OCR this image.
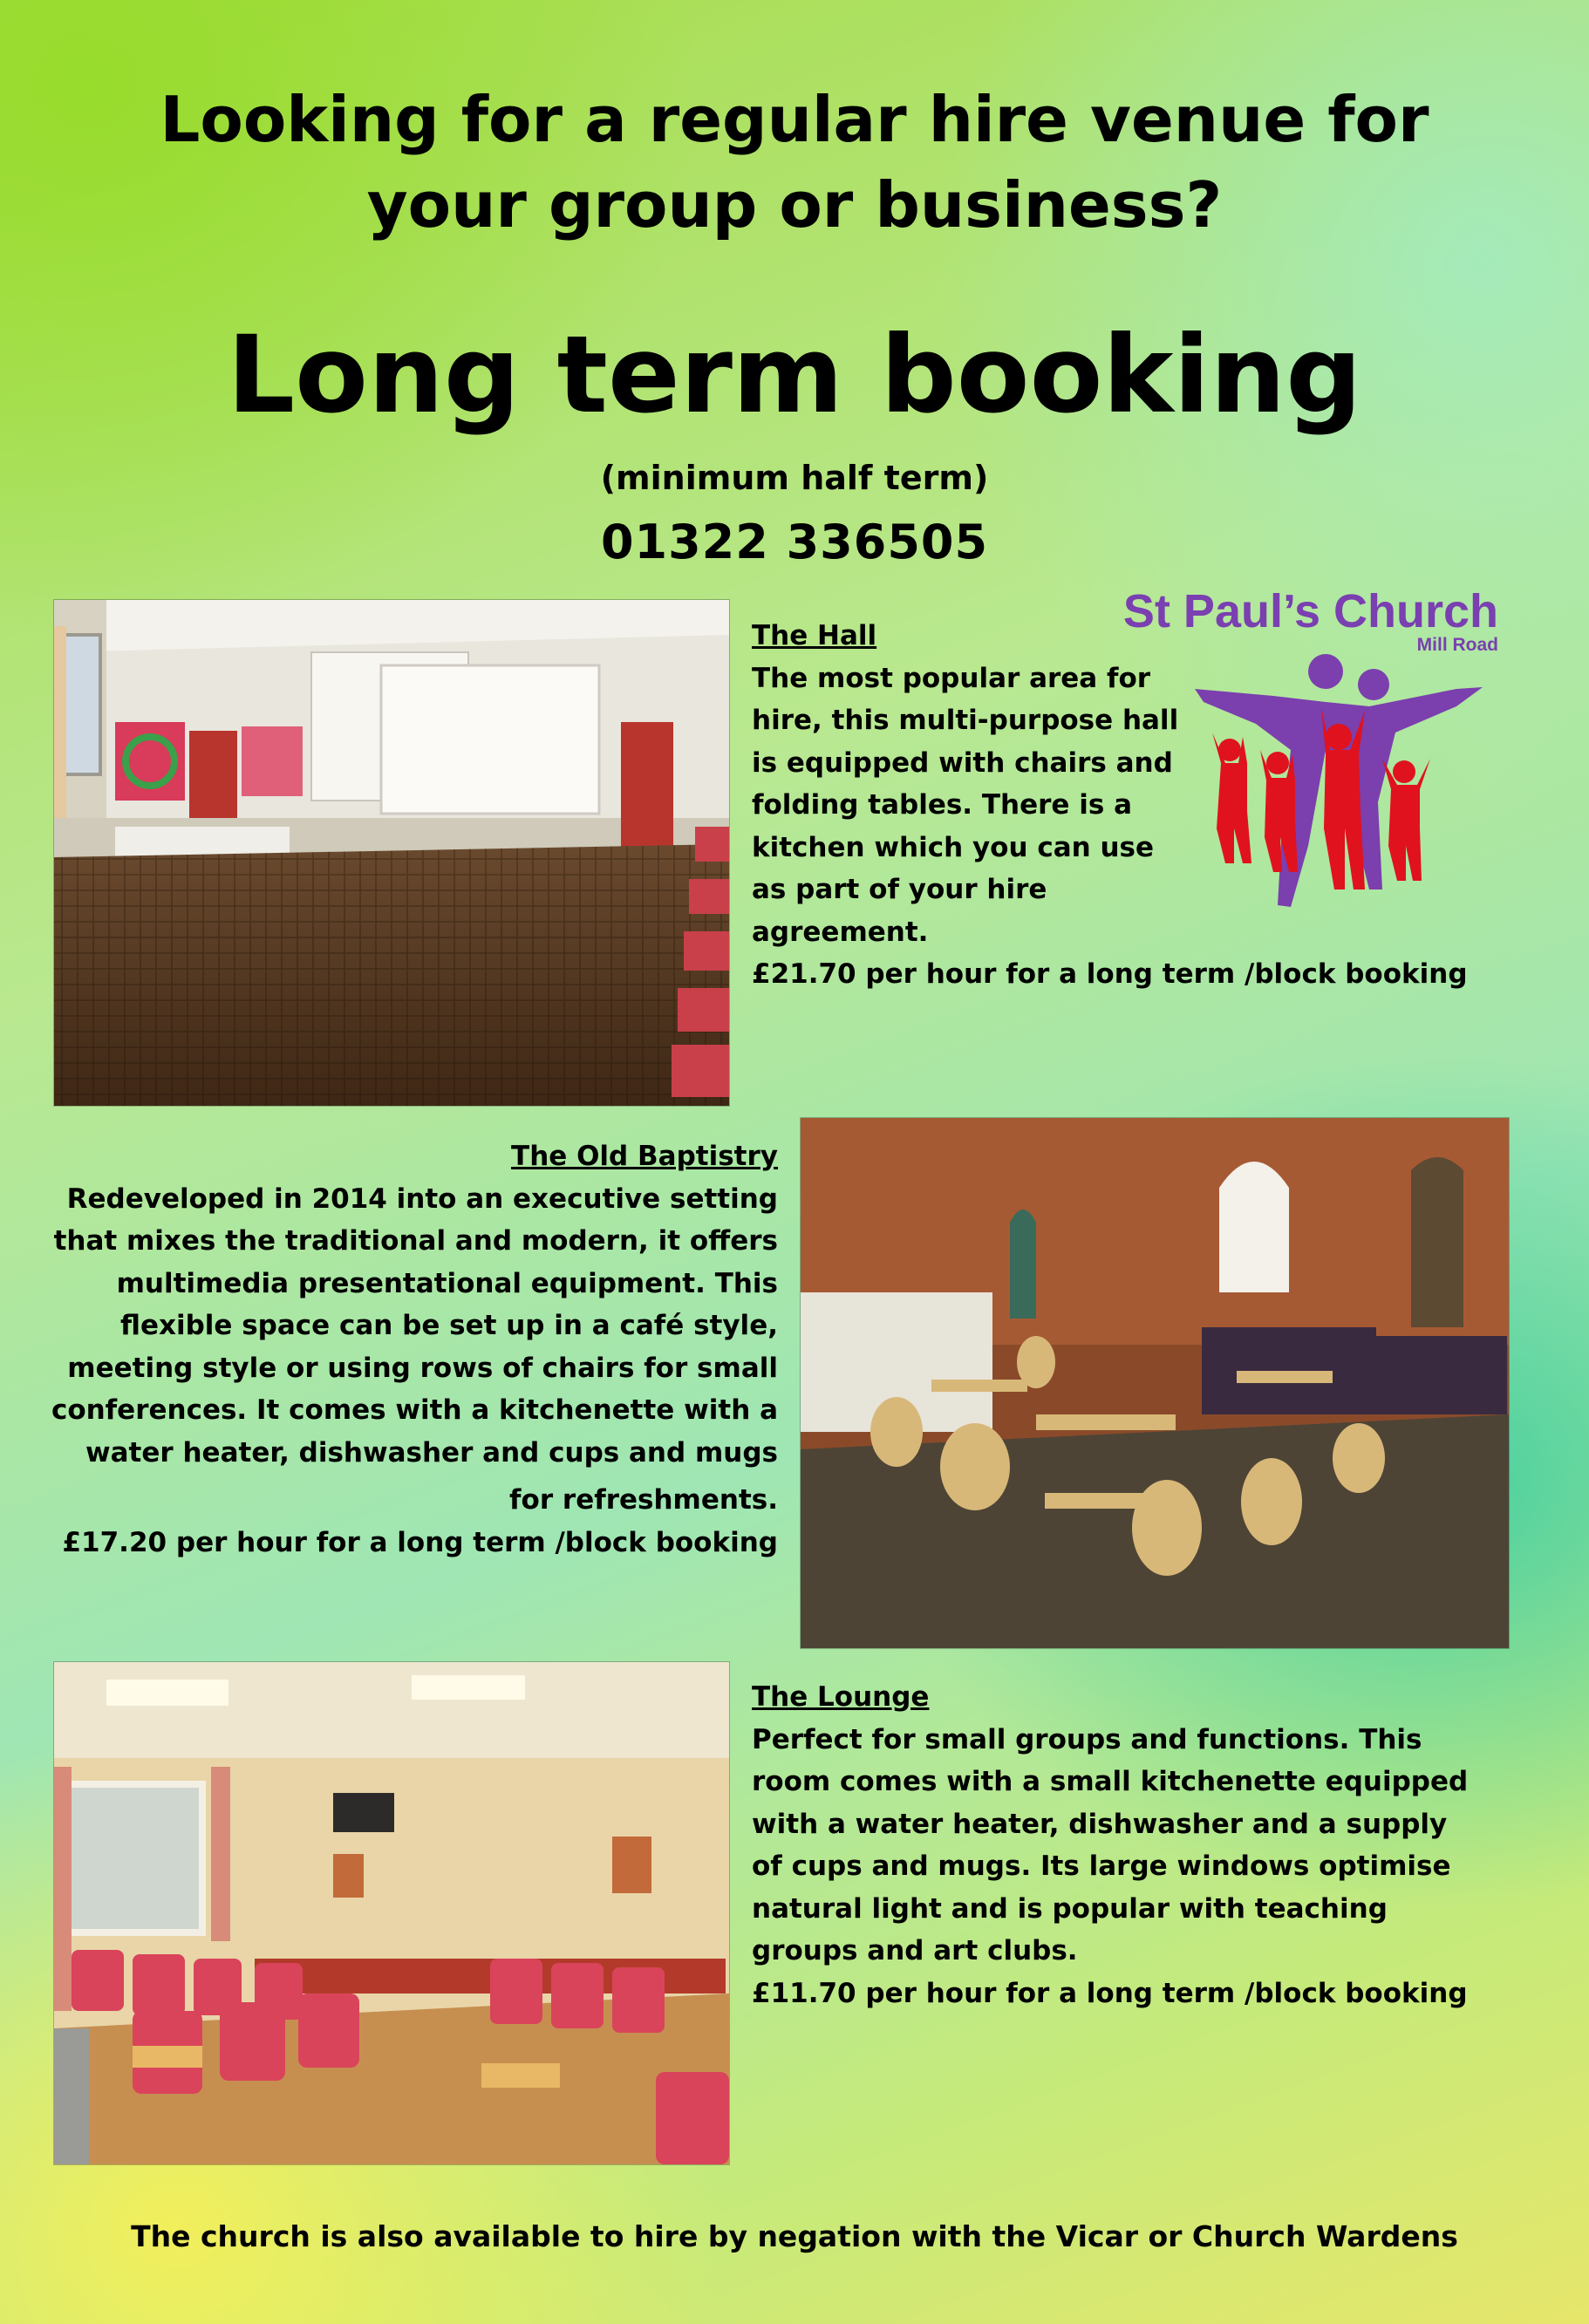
Looking for a regular hire venue for
your group or business?
Long term booking
(minimum half term)
01322 336505
The Hall
The most popular area for
hire, this multi-purpose hall
is equipped with chairs and
folding tables. There is a
kitchen which you can use
as part of your hire
agreement.
£21.70 per hour for a long term /block booking
St Paul’s Church
Mill Road
The Old Baptistry
Redeveloped in 2014 into an executive setting
that mixes the traditional and modern, it offers
multimedia presentational equipment. This
flexible space can be set up in a café style,
meeting style or using rows of chairs for small
conferences. It comes with a kitchenette with a
water heater, dishwasher and cups and mugs
for refreshments.
£17.20 per hour for a long term /block booking
The Lounge
Perfect for small groups and functions. This
room comes with a small kitchenette equipped
with a water heater, dishwasher and a supply
of cups and mugs. Its large windows optimise
natural light and is popular with teaching
groups and art clubs.
£11.70 per hour for a long term /block booking
The church is also available to hire by negation with the Vicar or Church Wardens
